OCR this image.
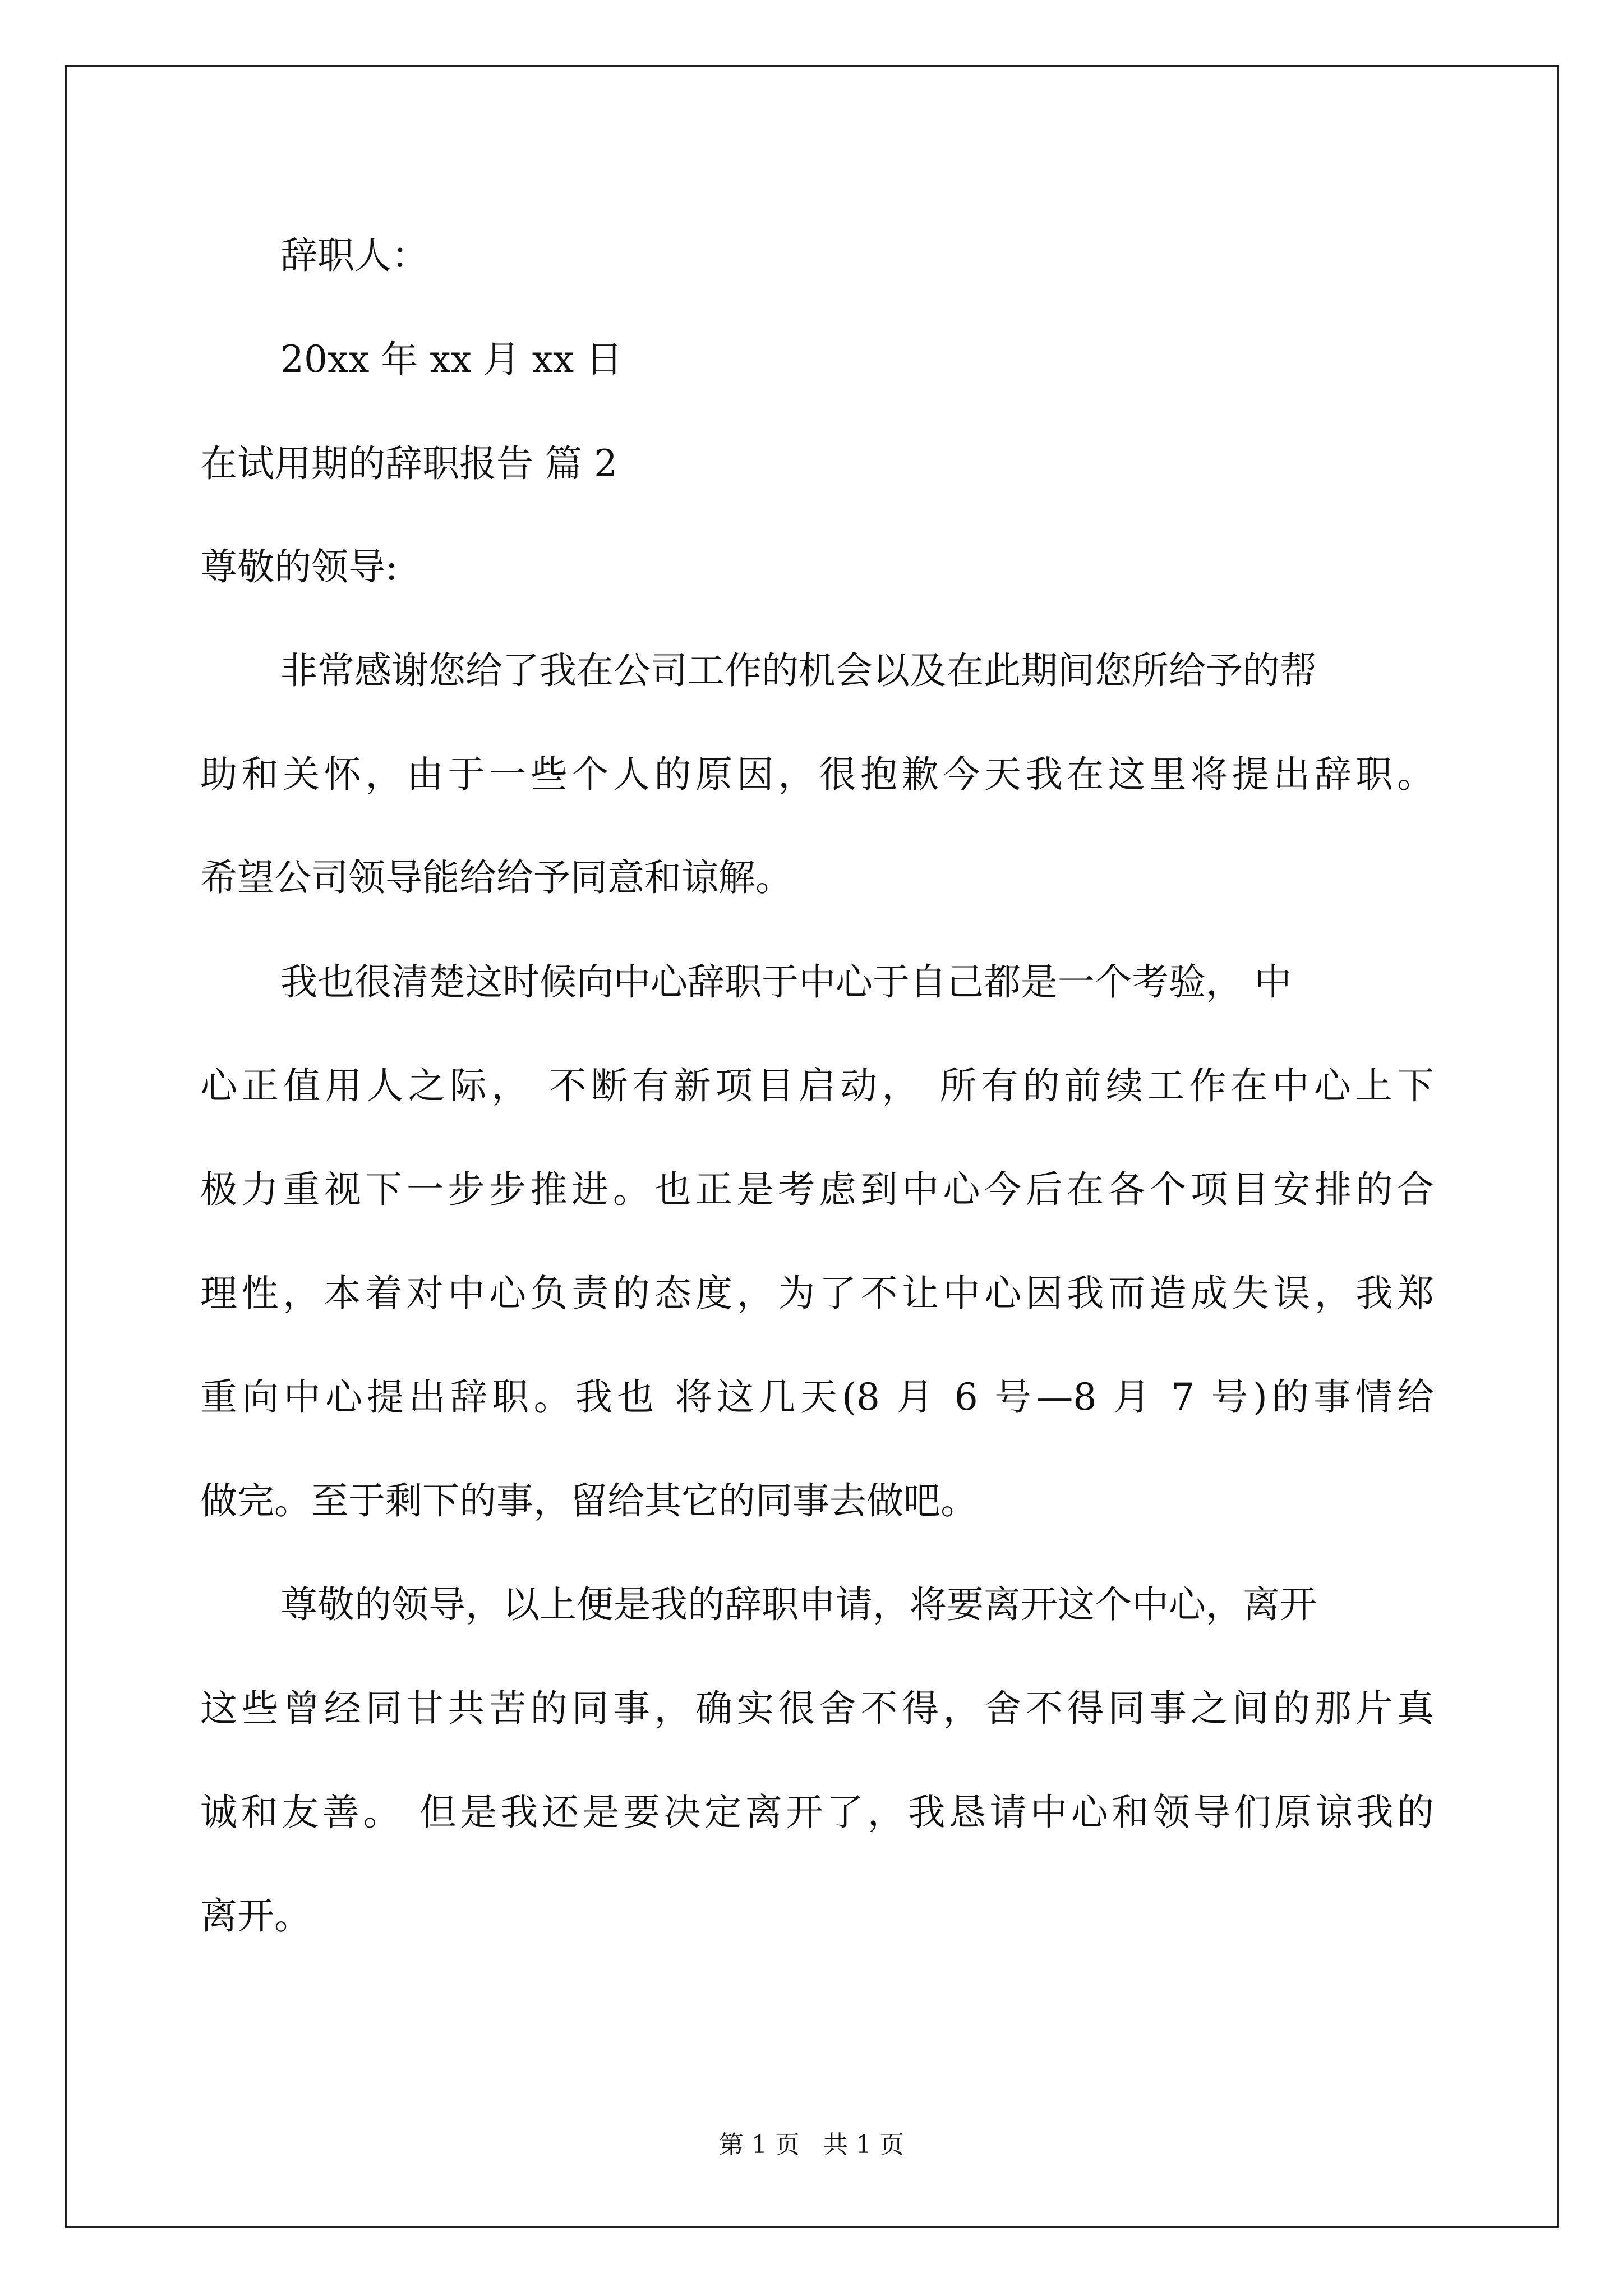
辞职人：
20xx 年 xx 月 xx 日
在试用期的辞职报告 篇 2
尊敬的领导:
非常感谢您给了我在公司工作的机会以及在此期间您所给予的帮
助和关怀，由于一些个人的原因，很抱歉今天我在这里将提出辞职。
希望公司领导能给给予同意和谅解。
我也很清楚这时候向中心辞职于中心于自己都是一个考验， 中
心正值用人之际， 不断有新项目启动， 所有的前续工作在中心上下
极力重视下一步步推进。也正是考虑到中心今后在各个项目安排的合
理性，本着对中心负责的态度，为了不让中心因我而造成失误，我郑
重向中心提出辞职。我也 将这几天(8 月 6 号—8 月 7 号)的事情给
做完。至于剩下的事，留给其它的同事去做吧。
尊敬的领导，以上便是我的辞职申请，将要离开这个中心，离开
这些曾经同甘共苦的同事，确实很舍不得，舍不得同事之间的那片真
诚和友善。 但是我还是要决定离开了，我恳请中心和领导们原谅我的
离开。
第 1 页   共 1 页
